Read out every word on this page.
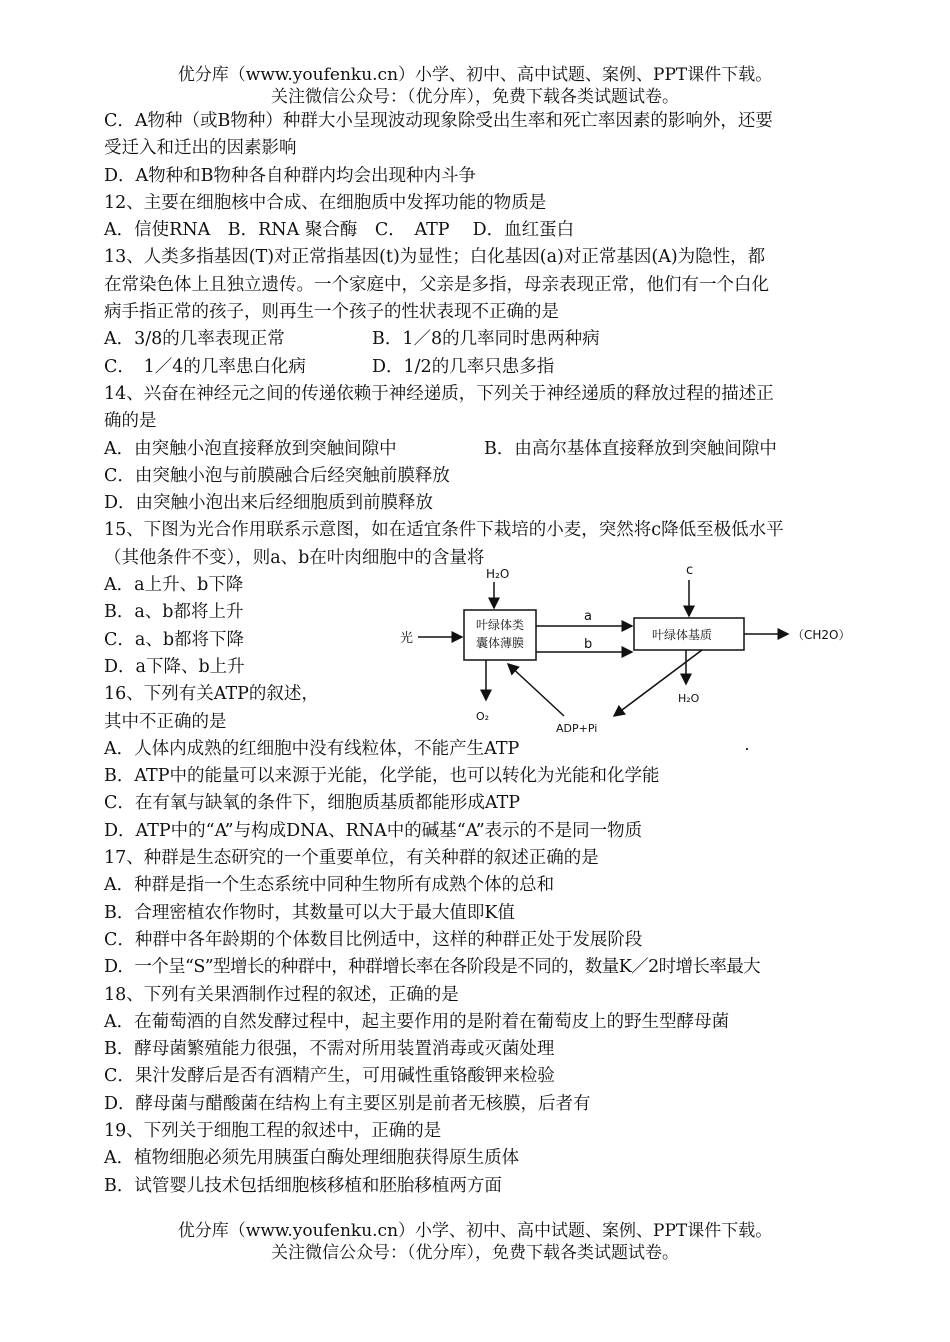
优分库（www.youfenku.cn）小学、初中、高中试题、案例、PPT课件下载。
关注微信公众号：（优分库），免费下载各类试题试卷。
C．A物种（或B物种）种群大小呈现波动现象除受出生率和死亡率因素的影响外，还要
受迁入和迁出的因素影响
D．A物种和B物种各自种群内均会出现种内斗争
12、主要在细胞核中合成、在细胞质中发挥功能的物质是
A．信使RNA　B．RNA 聚合酶　C．　ATP　 D．血红蛋白
13、人类多指基因(T)对正常指基因(t)为显性；白化基因(a)对正常基因(A)为隐性，都
在常染色体上且独立遗传。一个家庭中，父亲是多指，母亲表现正常，他们有一个白化
病手指正常的孩子，则再生一个孩子的性状表现不正确的是
A．3/8的几率表现正常	B．1／8的几率同时患两种病
C．　1／4的几率患白化病	D．1/2的几率只患多指
14、兴奋在神经元之间的传递依赖于神经递质，下列关于神经递质的释放过程的描述正
确的是
A．由突触小泡直接释放到突触间隙中	B．由高尔基体直接释放到突触间隙中
C．由突触小泡与前膜融合后经突触前膜释放
D．由突触小泡出来后经细胞质到前膜释放
15、下图为光合作用联系示意图，如在适宜条件下栽培的小麦，突然将c降低至极低水平
（其他条件不变），则a、b在叶肉细胞中的含量将
A．a上升、b下降
B．a、b都将上升
C．a、b都将下降
D．a下降、b上升
16、下列有关ATP的叙述，
其中不正确的是
A．人体内成熟的红细胞中没有线粒体，不能产生ATP
B．ATP中的能量可以来源于光能，化学能，也可以转化为光能和化学能
C．在有氧与缺氧的条件下，细胞质基质都能形成ATP
D．ATP中的“A”与构成DNA、RNA中的碱基“A”表示的不是同一物质
17、种群是生态研究的一个重要单位，有关种群的叙述正确的是
A．种群是指一个生态系统中同种生物所有成熟个体的总和
B．合理密植农作物时，其数量可以大于最大值即K值
C．种群中各年龄期的个体数目比例适中，这样的种群正处于发展阶段
D．一个呈“S”型增长的种群中，种群增长率在各阶段是不同的，数量K／2时增长率最大
18、下列有关果酒制作过程的叙述，正确的是
A．在葡萄酒的自然发酵过程中，起主要作用的是附着在葡萄皮上的野生型酵母菌
B．酵母菌繁殖能力很强，不需对所用装置消毒或灭菌处理
C．果汁发酵后是否有酒精产生，可用碱性重铬酸钾来检验
D．酵母菌与醋酸菌在结构上有主要区别是前者无核膜，后者有
19、下列关于细胞工程的叙述中，正确的是
A．植物细胞必须先用胰蛋白酶处理细胞获得原生质体
B．试管婴儿技术包括细胞核移植和胚胎移植两方面
H₂O	c
光
叶绿体类
囊体薄膜
a
b
叶绿体基质	（CH2O）
O₂
H₂O
ADP+Pi
优分库（www.youfenku.cn）小学、初中、高中试题、案例、PPT课件下载。
关注微信公众号：（优分库），免费下载各类试题试卷。
